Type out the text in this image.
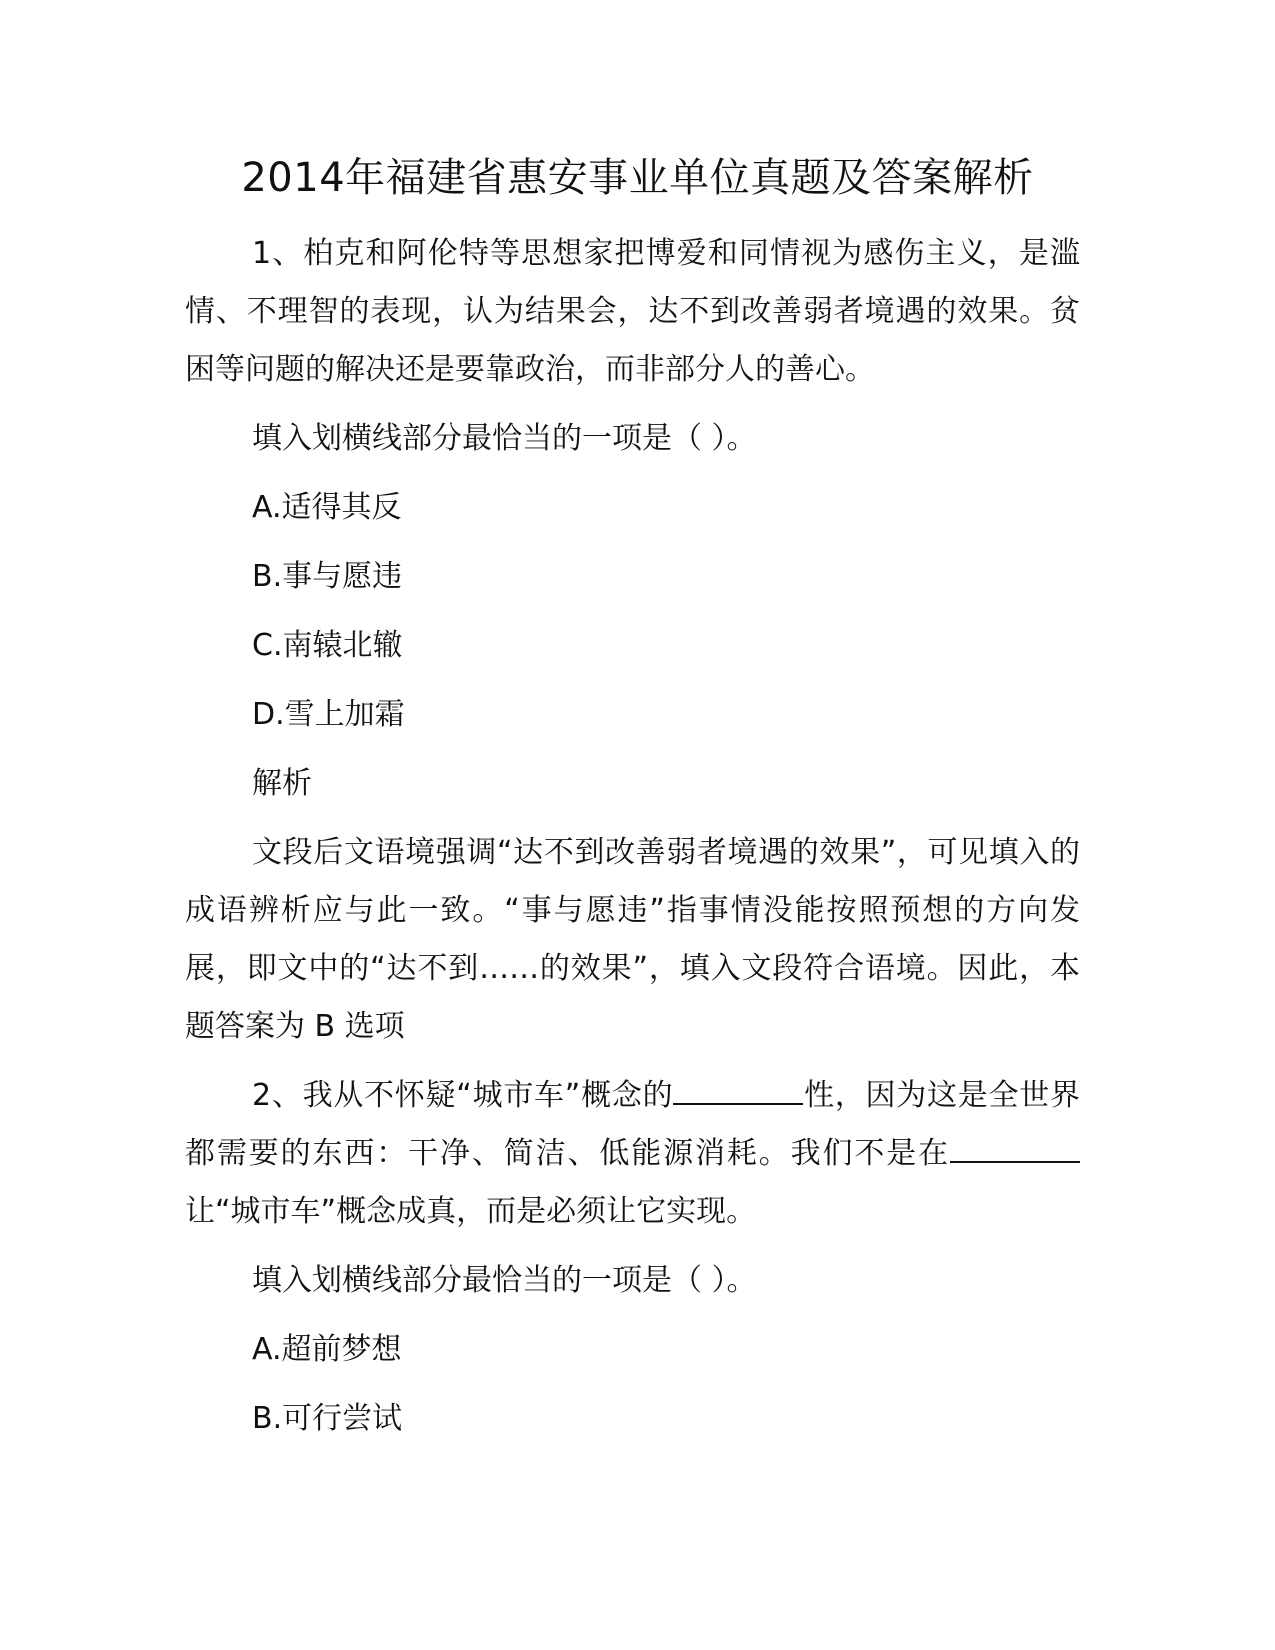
2014年福建省惠安事业单位真题及答案解析

1、柏克和阿伦特等思想家把博爱和同情视为感伤主义，是滥情、不理智的表现，认为结果会，达不到改善弱者境遇的效果。贫困等问题的解决还是要靠政治，而非部分人的善心。

填入划横线部分最恰当的一项是（ ）。

A.适得其反

B.事与愿违

C.南辕北辙

D.雪上加霜

解析

文段后文语境强调“达不到改善弱者境遇的效果”，可见填入的成语辨析应与此一致。“事与愿违”指事情没能按照预想的方向发展，即文中的“达不到……的效果”，填入文段符合语境。因此，本题答案为 B 选项

2、我从不怀疑“城市车”概念的	性，因为这是全世界都需要的东西：干净、简洁、低能源消耗。我们不是在让“城市车”概念成真，而是必须让它实现。

填入划横线部分最恰当的一项是（ ）。

A.超前梦想

B.可行尝试
